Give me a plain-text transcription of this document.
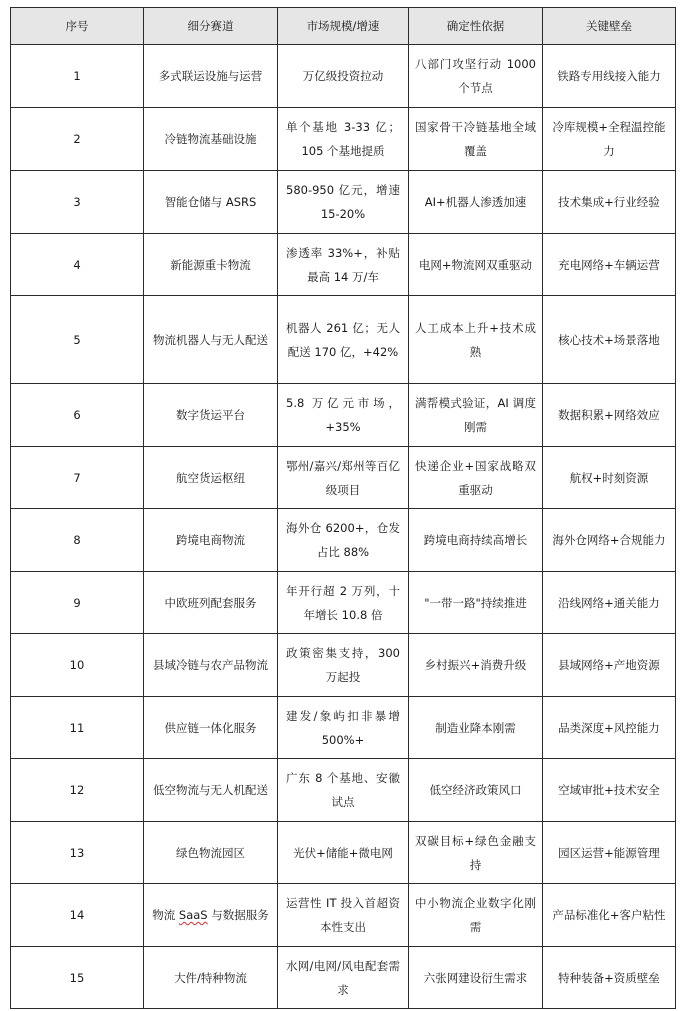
序号	细分赛道	市场规模/增速	确定性依据	关键壁垒
1	多式联运设施与运营	万亿级投资拉动	八部门攻坚行动 1000 个节点	铁路专用线接入能力
2	冷链物流基础设施	单个基地 3-33 亿；105 个基地提质	国家骨干冷链基地全域覆盖	冷库规模+全程温控能力
3	智能仓储与 ASRS	580-950 亿元，增速 15-20%	AI+机器人渗透加速	技术集成+行业经验
4	新能源重卡物流	渗透率 33%+，补贴最高 14 万/车	电网+物流网双重驱动	充电网络+车辆运营
5	物流机器人与无人配送	机器人 261 亿；无人配送 170 亿，+42%	人工成本上升+技术成熟	核心技术+场景落地
6	数字货运平台	5.8 万亿元市场，+35%	满帮模式验证，AI 调度刚需	数据积累+网络效应
7	航空货运枢纽	鄂州/嘉兴/郑州等百亿级项目	快递企业+国家战略双重驱动	航权+时刻资源
8	跨境电商物流	海外仓 6200+，仓发占比 88%	跨境电商持续高增长	海外仓网络+合规能力
9	中欧班列配套服务	年开行超 2 万列，十年增长 10.8 倍	"一带一路"持续推进	沿线网络+通关能力
10	县域冷链与农产品物流	政策密集支持，300 万起投	乡村振兴+消费升级	县域网络+产地资源
11	供应链一体化服务	建发/象屿扣非暴增 500%+	制造业降本刚需	品类深度+风控能力
12	低空物流与无人机配送	广东 8 个基地、安徽试点	低空经济政策风口	空域审批+技术安全
13	绿色物流园区	光伏+储能+微电网	双碳目标+绿色金融支持	园区运营+能源管理
14	物流 SaaS 与数据服务	运营性 IT 投入首超资本性支出	中小物流企业数字化刚需	产品标准化+客户粘性
15	大件/特种物流	水网/电网/风电配套需求	六张网建设衍生需求	特种装备+资质壁垒
